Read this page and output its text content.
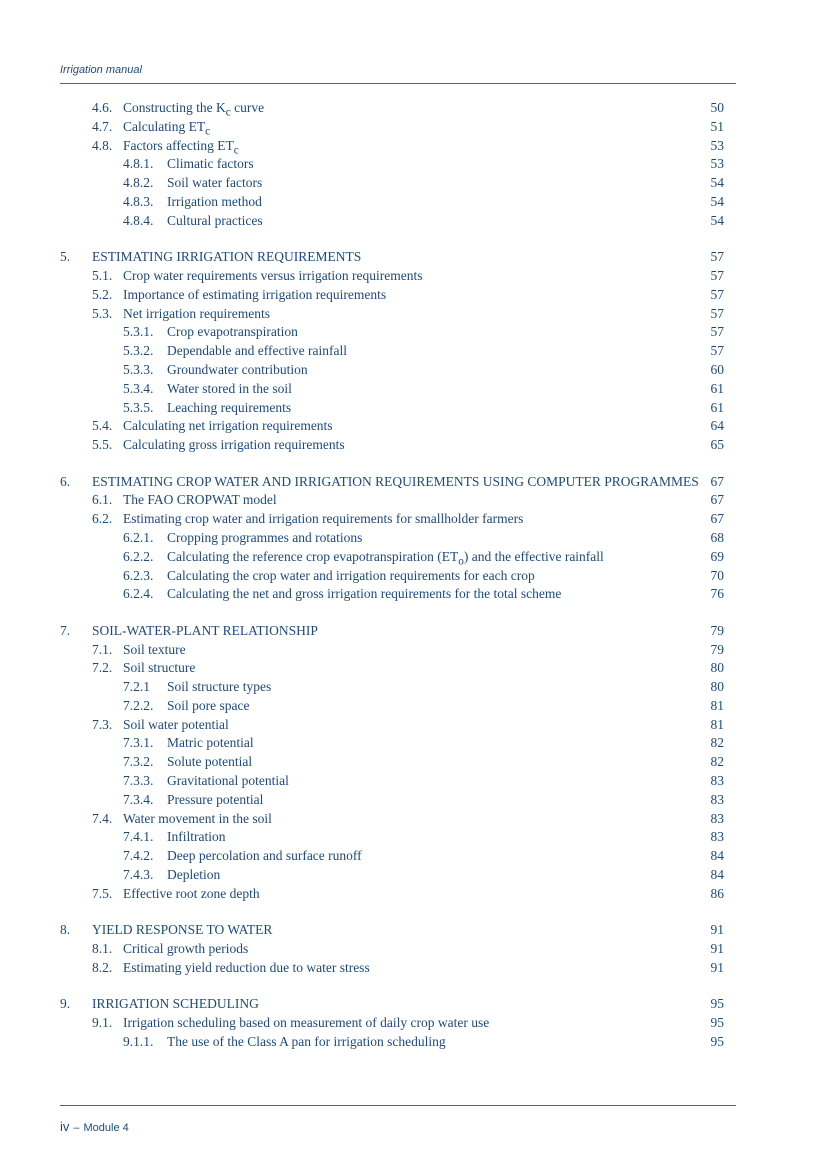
Irrigation manual
4.6. Constructing the $K_c$ curve	50
4.7. Calculating $ET_c$	51
4.8. Factors affecting $ET_c$	53
4.8.1. Climatic factors	53
4.8.2. Soil water factors	54
4.8.3. Irrigation method	54
4.8.4. Cultural practices	54
5. ESTIMATING IRRIGATION REQUIREMENTS	57
5.1. Crop water requirements versus irrigation requirements	57
5.2. Importance of estimating irrigation requirements	57
5.3. Net irrigation requirements	57
5.3.1. Crop evapotranspiration	57
5.3.2. Dependable and effective rainfall	57
5.3.3. Groundwater contribution	60
5.3.4. Water stored in the soil	61
5.3.5. Leaching requirements	61
5.4. Calculating net irrigation requirements	64
5.5. Calculating gross irrigation requirements	65
6. ESTIMATING CROP WATER AND IRRIGATION REQUIREMENTS USING COMPUTER PROGRAMMES 67
6.1. The FAO CROPWAT model	67
6.2. Estimating crop water and irrigation requirements for smallholder farmers	67
6.2.1. Cropping programmes and rotations	68
6.2.2. Calculating the reference crop evapotranspiration $(ET_o)$ and the effective rainfall	69
6.2.3. Calculating the crop water and irrigation requirements for each crop	70
6.2.4. Calculating the net and gross irrigation requirements for the total scheme	76
7. SOIL-WATER-PLANT RELATIONSHIP	79
7.1. Soil texture	79
7.2. Soil structure	80
7.2.1 Soil structure types	80
7.2.2. Soil pore space	81
7.3. Soil water potential	81
7.3.1. Matric potential	82
7.3.2. Solute potential	82
7.3.3. Gravitational potential	83
7.3.4. Pressure potential	83
7.4. Water movement in the soil	83
7.4.1. Infiltration	83
7.4.2. Deep percolation and surface runoff	84
7.4.3. Depletion	84
7.5. Effective root zone depth	86
8. YIELD RESPONSE TO WATER	91
8.1. Critical growth periods	91
8.2. Estimating yield reduction due to water stress	91
9. IRRIGATION SCHEDULING	95
9.1. Irrigation scheduling based on measurement of daily crop water use	95
9.1.1. The use of the Class A pan for irrigation scheduling	95
iv – Module 4
